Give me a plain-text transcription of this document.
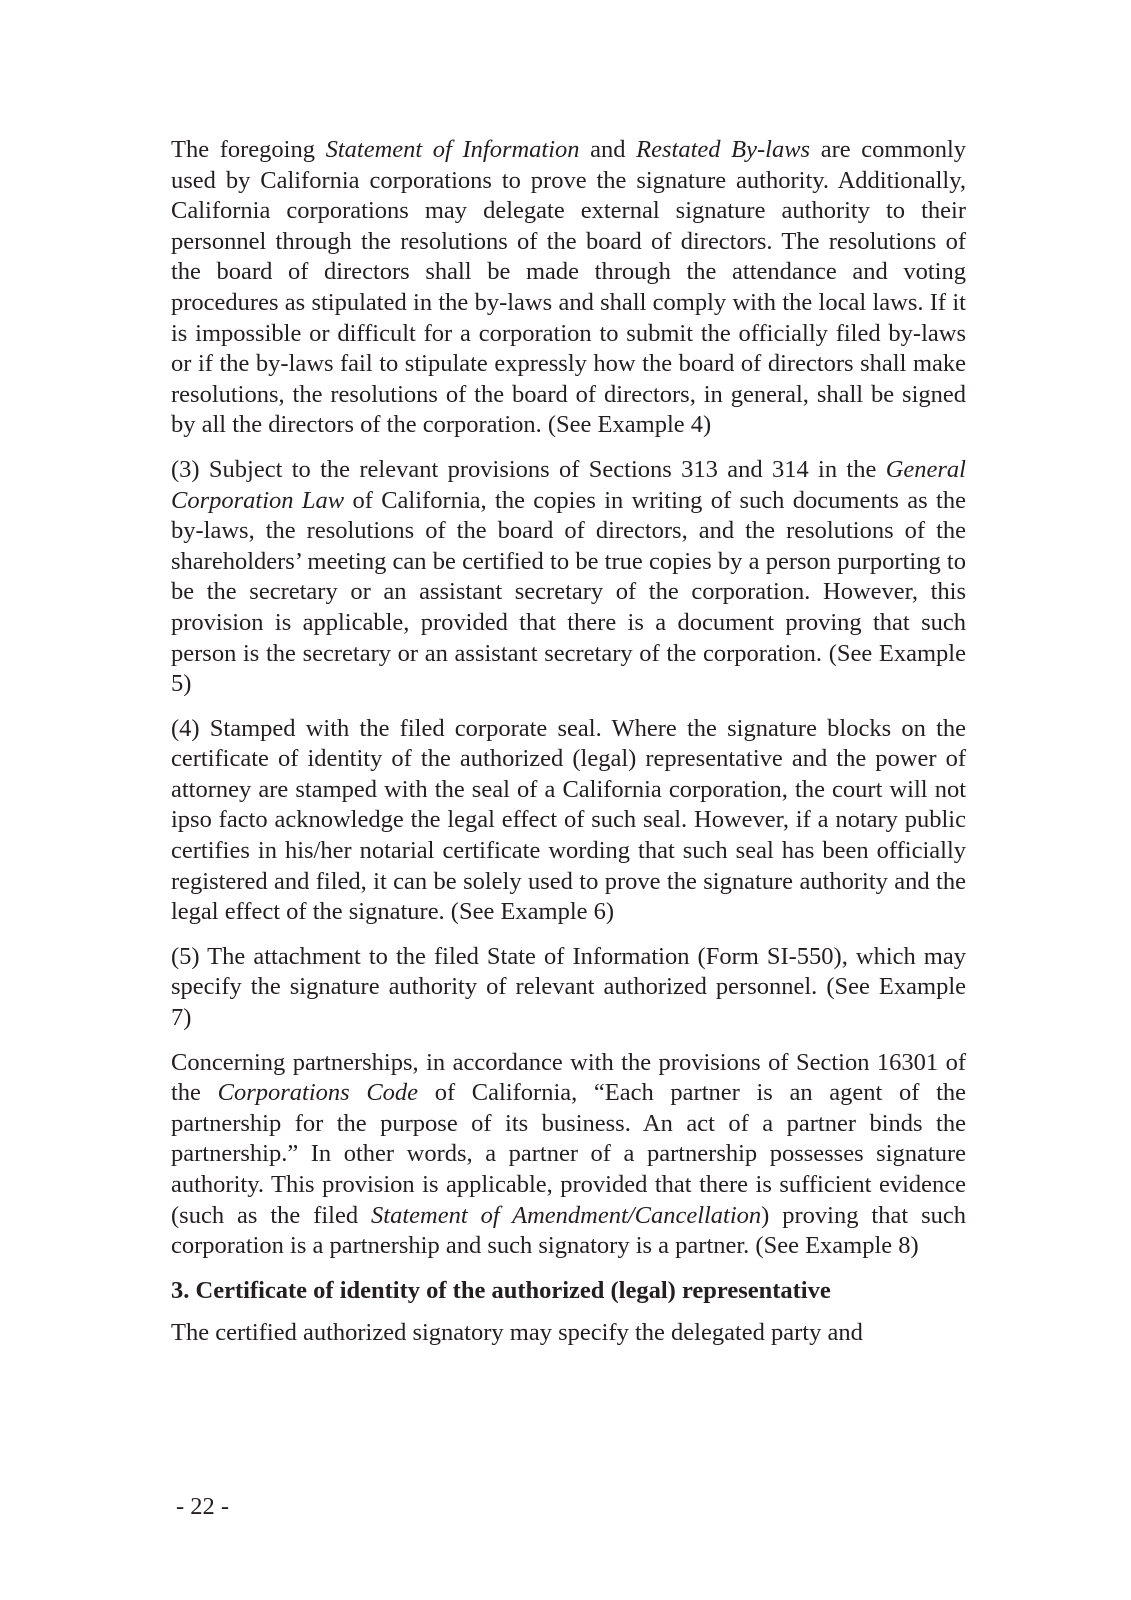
The foregoing Statement of Information and Restated By-laws are commonly used by California corporations to prove the signature authority. Additionally, California corporations may delegate external signature authority to their personnel through the resolutions of the board of directors. The resolutions of the board of directors shall be made through the attendance and voting procedures as stipulated in the by-laws and shall comply with the local laws. If it is impossible or difficult for a corporation to submit the officially filed by-laws or if the by-laws fail to stipulate expressly how the board of directors shall make resolutions, the resolutions of the board of directors, in general, shall be signed by all the directors of the corporation. (See Example 4)

(3) Subject to the relevant provisions of Sections 313 and 314 in the General Corporation Law of California, the copies in writing of such documents as the by-laws, the resolutions of the board of directors, and the resolutions of the shareholders’ meeting can be certified to be true copies by a person purporting to be the secretary or an assistant secretary of the corporation. However, this provision is applicable, provided that there is a document proving that such person is the secretary or an assistant secretary of the corporation. (See Example 5)

(4) Stamped with the filed corporate seal. Where the signature blocks on the certificate of identity of the authorized (legal) representative and the power of attorney are stamped with the seal of a California corporation, the court will not ipso facto acknowledge the legal effect of such seal. However, if a notary public certifies in his/her notarial certificate wording that such seal has been officially registered and filed, it can be solely used to prove the signature authority and the legal effect of the signature. (See Example 6)

(5) The attachment to the filed State of Information (Form SI-550), which may specify the signature authority of relevant authorized personnel. (See Example 7)

Concerning partnerships, in accordance with the provisions of Section 16301 of the Corporations Code of California, “Each partner is an agent of the partnership for the purpose of its business. An act of a partner binds the partnership.” In other words, a partner of a partnership possesses signature authority. This provision is applicable, provided that there is sufficient evidence (such as the filed Statement of Amendment/Cancellation) proving that such corporation is a partnership and such signatory is a partner. (See Example 8)

3. Certificate of identity of the authorized (legal) representative

The certified authorized signatory may specify the delegated party and

- 22 -
